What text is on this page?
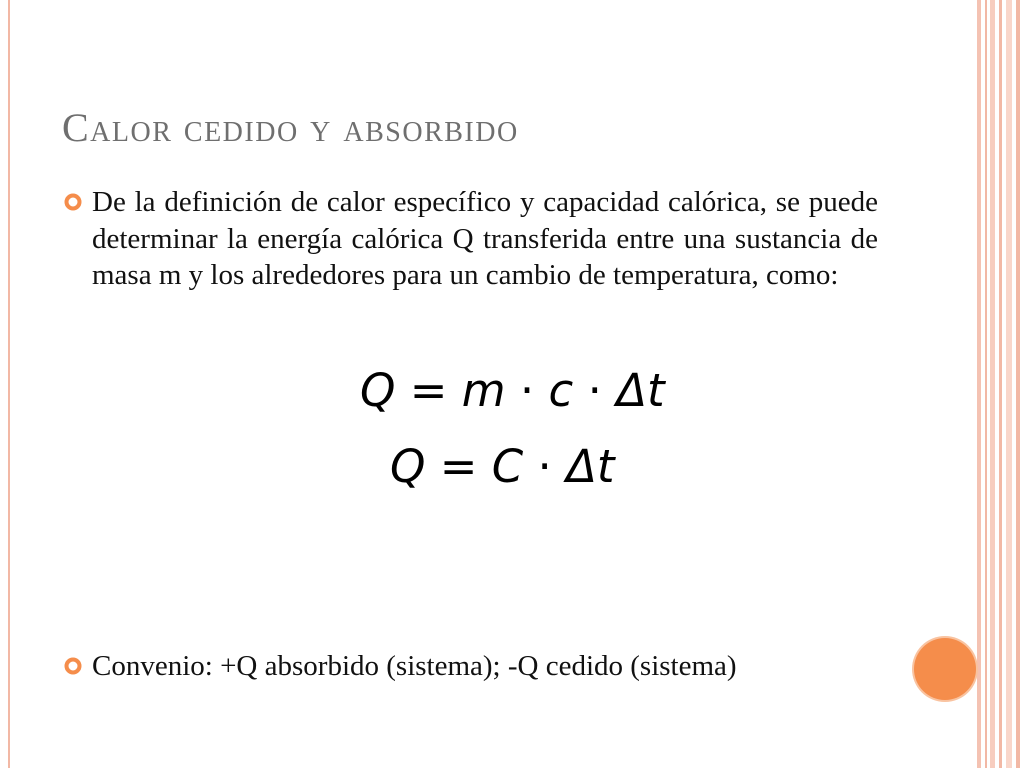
Calor cedido y absorbido
De la definición de calor específico y capacidad calórica, se puede determinar la energía calórica Q transferida entre una sustancia de masa m y los alrededores para un cambio de temperatura, como:
Q = m · c · Δt
Q = C · Δt
Convenio: +Q absorbido (sistema); -Q cedido (sistema)
